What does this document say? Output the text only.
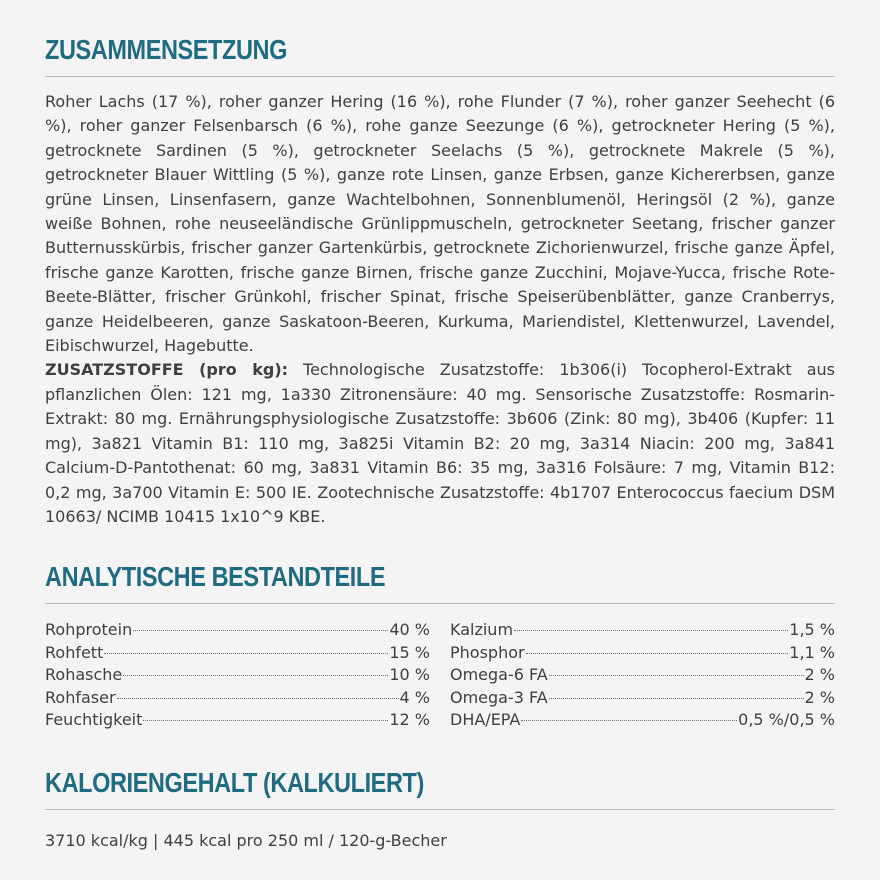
ZUSAMMENSETZUNG

Roher Lachs (17 %), roher ganzer Hering (16 %), rohe Flunder (7 %), roher ganzer Seehecht (6 %), roher ganzer Felsenbarsch (6 %), rohe ganze Seezunge (6 %), getrockneter Hering (5 %), getrocknete Sardinen (5 %), getrockneter Seelachs (5 %), getrocknete Makrele (5 %), getrockneter Blauer Wittling (5 %), ganze rote Linsen, ganze Erbsen, ganze Kichererbsen, ganze grüne Linsen, Linsenfasern, ganze Wachtelbohnen, Sonnenblumenöl, Heringsöl (2 %), ganze weiße Bohnen, rohe neuseeländische Grünlippmuscheln, getrockneter Seetang, frischer ganzer Butternusskürbis, frischer ganzer Gartenkürbis, getrocknete Zichorienwurzel, frische ganze Äpfel, frische ganze Karotten, frische ganze Birnen, frische ganze Zucchini, Mojave-Yucca, frische Rote-Beete-Blätter, frischer Grünkohl, frischer Spinat, frische Speiserübenblätter, ganze Cranberrys, ganze Heidelbeeren, ganze Saskatoon-Beeren, Kurkuma, Mariendistel, Klettenwurzel, Lavendel, Eibischwurzel, Hagebutte.

ZUSATZSTOFFE (pro kg): Technologische Zusatzstoffe: 1b306(i) Tocopherol-Extrakt aus pflanzlichen Ölen: 121 mg, 1a330 Zitronensäure: 40 mg. Sensorische Zusatzstoffe: Rosmarin-Extrakt: 80 mg. Ernährungsphysiologische Zusatzstoffe: 3b606 (Zink: 80 mg), 3b406 (Kupfer: 11 mg), 3a821 Vitamin B1: 110 mg, 3a825i Vitamin B2: 20 mg, 3a314 Niacin: 200 mg, 3a841 Calcium-D-Pantothenat: 60 mg, 3a831 Vitamin B6: 35 mg, 3a316 Folsäure: 7 mg, Vitamin B12: 0,2 mg, 3a700 Vitamin E: 500 IE. Zootechnische Zusatzstoffe: 4b1707 Enterococcus faecium DSM 10663/ NCIMB 10415 1x10^9 KBE.

ANALYTISCHE BESTANDTEILE
Rohprotein	40 %
Rohfett	15 %
Rohasche	10 %
Rohfaser	4 %
Feuchtigkeit	12 %
Kalzium	1,5 %
Phosphor	1,1 %
Omega-6 FA	2 %
Omega-3 FA	2 %
DHA/EPA	0,5 %/0,5 %
KALORIENGEHALT (KALKULIERT)

3710 kcal/kg | 445 kcal pro 250 ml / 120-g-Becher
